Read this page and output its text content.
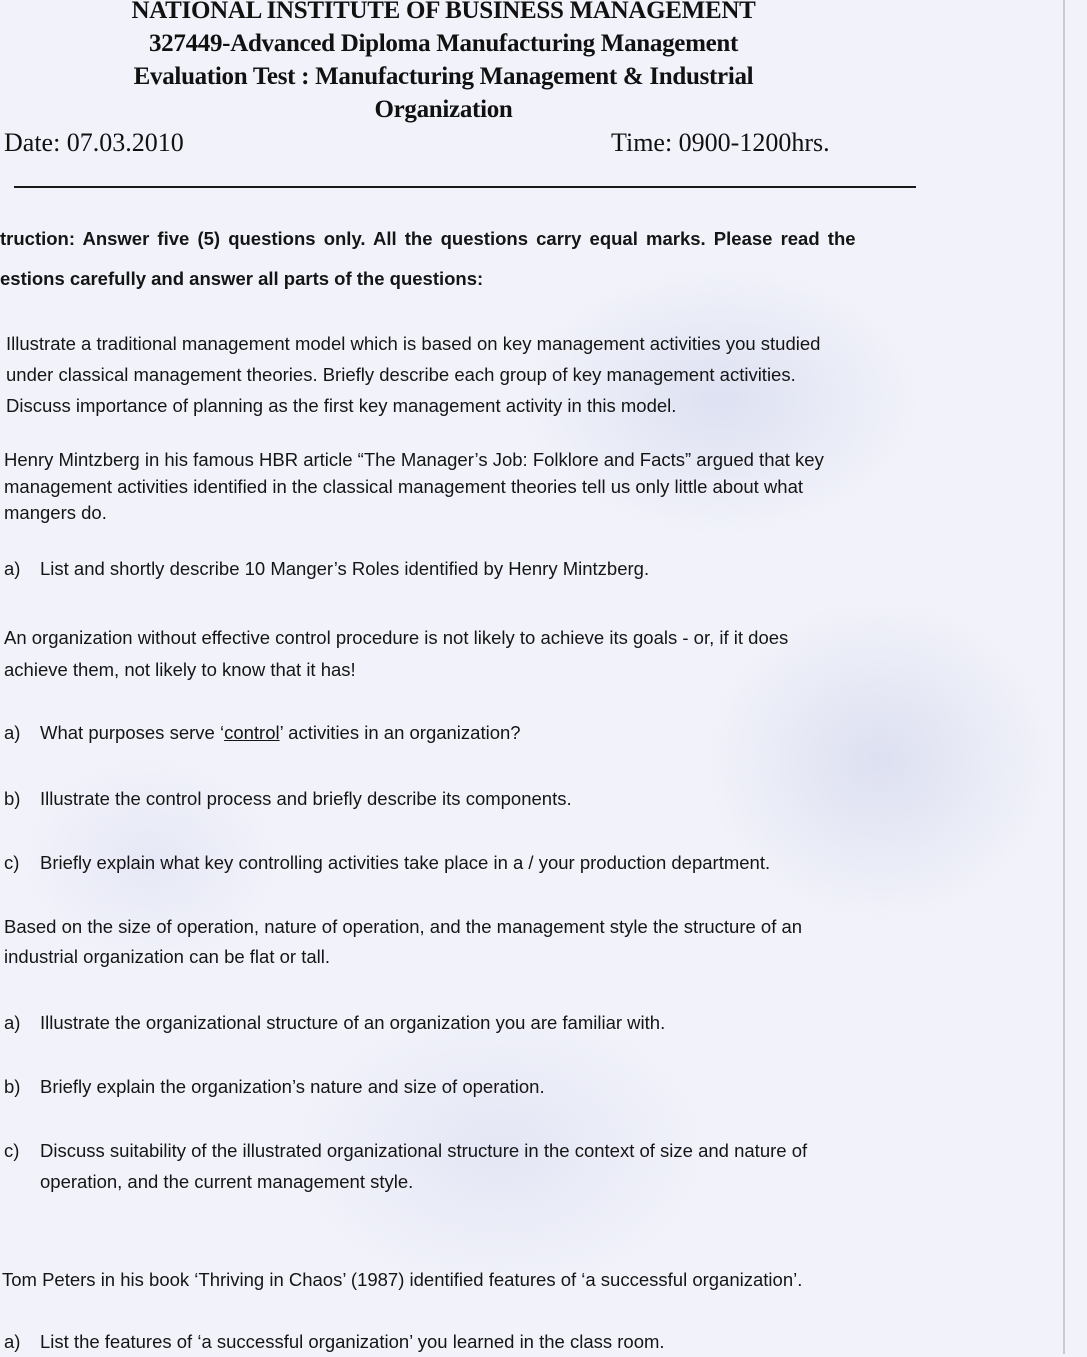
NATIONAL INSTITUTE OF BUSINESS MANAGEMENT
327449-Advanced Diploma Manufacturing Management
Evaluation Test : Manufacturing Management & Industrial
Organization
Date: 07.03.2010	Time: 0900-1200hrs.
truction: Answer five (5) questions only. All the questions carry equal marks. Please read the
estions carefully and answer all parts of the questions:
Illustrate a traditional management model which is based on key management activities you studied
under classical management theories. Briefly describe each group of key management activities.
Discuss importance of planning as the first key management activity in this model.
Henry Mintzberg in his famous HBR article “The Manager’s Job: Folklore and Facts” argued that key
management activities identified in the classical management theories tell us only little about what
mangers do.
a) List and shortly describe 10 Manger’s Roles identified by Henry Mintzberg.
An organization without effective control procedure is not likely to achieve its goals - or, if it does
achieve them, not likely to know that it has!
a) What purposes serve ‘control’ activities in an organization?
b) Illustrate the control process and briefly describe its components.
c) Briefly explain what key controlling activities take place in a / your production department.
Based on the size of operation, nature of operation, and the management style the structure of an
industrial organization can be flat or tall.
a) Illustrate the organizational structure of an organization you are familiar with.
b) Briefly explain the organization’s nature and size of operation.
c) Discuss suitability of the illustrated organizational structure in the context of size and nature of
operation, and the current management style.
Tom Peters in his book ‘Thriving in Chaos’ (1987) identified features of ‘a successful organization’.
a) List the features of ‘a successful organization’ you learned in the class room.
